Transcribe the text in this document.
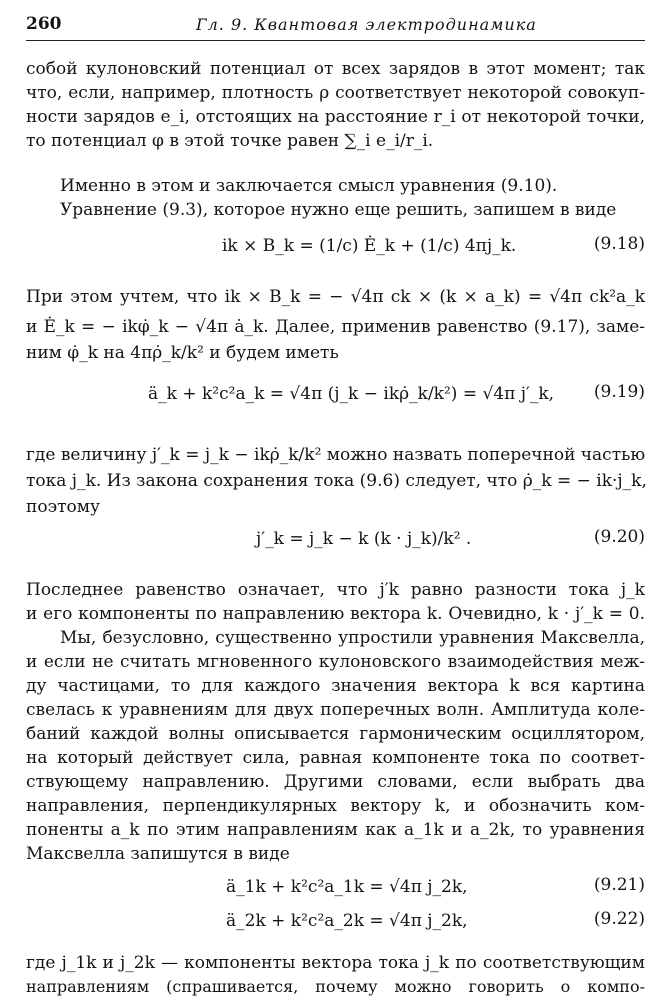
260	Гл. 9. Квантовая электродинамика
собой кулоновский потенциал от всех зарядов в этот момент; так
что, если, например, плотность ρ соответствует некоторой совокуп-
ности зарядов e_i, отстоящих на расстояние r_i от некоторой точки,
то потенциал φ в этой точке равен ∑_i e_i/r_i.
Именно в этом и заключается смысл уравнения (9.10).
Уравнение (9.3), которое нужно еще решить, запишем в виде
ik × B_k = (1/c) Ė_k + (1/c) 4πj_k.	(9.18)
При этом учтем, что ik × B_k = − √4π ck × (k × a_k) = √4π ck²a_k
и Ė_k = − ikφ̇_k − √4π ȧ_k. Далее, применив равенство (9.17), заме-
ним φ̇_k на 4πρ̇_k/k² и будем иметь
ä_k + k²c²a_k = √4π (j_k − ikρ̇_k/k²) = √4π j′_k, (9.19)
где величину j′_k = j_k − ikρ̇_k/k² можно назвать поперечной частью
тока j_k. Из закона сохранения тока (9.6) следует, что ρ̇_k = − ik·j_k,
поэтому
j′_k = j_k − k (k · j_k)/k² .	(9.20)
Последнее равенство означает, что j′k равно разности тока j_k
и его компоненты по направлению вектора k. Очевидно, k · j′_k = 0.
Мы, безусловно, существенно упростили уравнения Максвелла,
и если не считать мгновенного кулоновского взаимодействия меж-
ду частицами, то для каждого значения вектора k вся картина
свелась к уравнениям для двух поперечных волн. Амплитуда коле-
баний каждой волны описывается гармоническим осциллятором,
на который действует сила, равная компоненте тока по соответ-
ствующему направлению. Другими словами, если выбрать два
направления, перпендикулярных вектору k, и обозначить ком-
поненты a_k по этим направлениям как a_1k и a_2k, то уравнения
Максвелла запишутся в виде
ä_1k + k²c²a_1k = √4π j_2k,	(9.21)
ä_2k + k²c²a_2k = √4π j_2k,	(9.22)
где j_1k и j_2k — компоненты вектора тока j_k по соответствующим
направлениям (спрашивается, почему можно говорить о компо-
